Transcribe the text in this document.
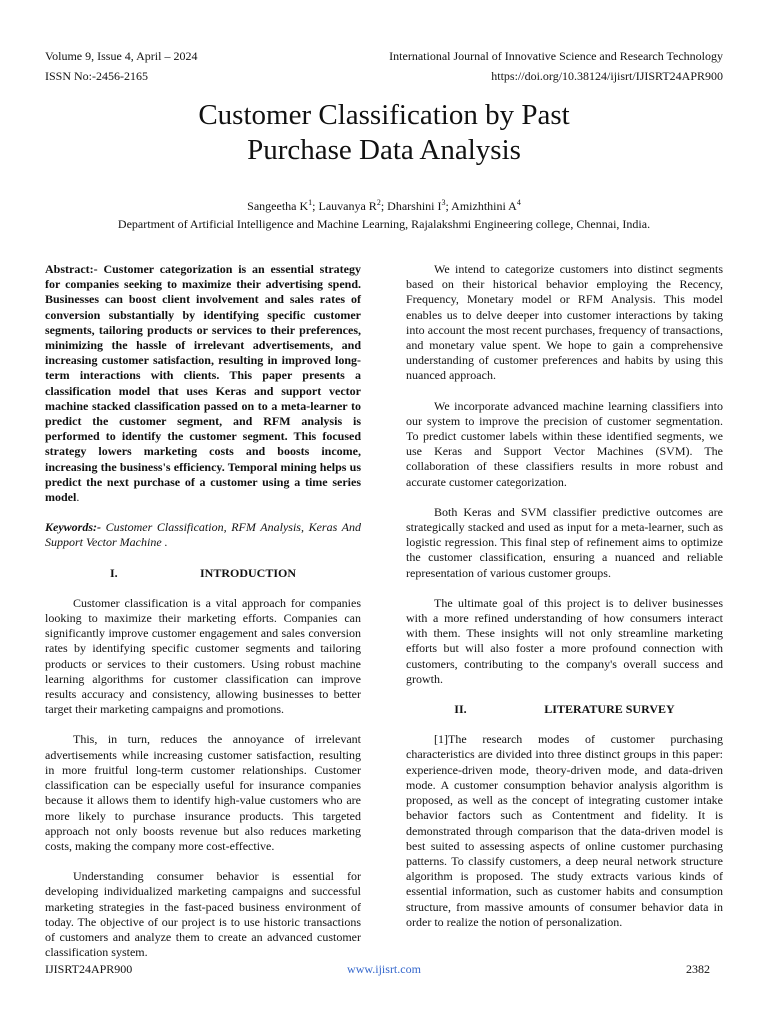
Volume 9, Issue 4, April – 2024
ISSN No:-2456-2165
International Journal of Innovative Science and Research Technology
https://doi.org/10.38124/ijisrt/IJISRT24APR900
Customer Classification by Past
Purchase Data Analysis
Sangeetha $K^1$; Lauvanya $R^2$; Dharshini $I^3$; Amizhthini $A^4$
Department of Artificial Intelligence and Machine Learning, Rajalakshmi Engineering college, Chennai, India.

Abstract:- Customer categorization is an essential strategy for companies seeking to maximize their advertising spend. Businesses can boost client involvement and sales rates of conversion substantially by identifying specific customer segments, tailoring products or services to their preferences, minimizing the hassle of irrelevant advertisements, and increasing customer satisfaction, resulting in improved long-term interactions with clients. This paper presents a classification model that uses Keras and support vector machine stacked classification passed on to a meta-learner to predict the customer segment, and RFM analysis is performed to identify the customer segment. This focused strategy lowers marketing costs and boosts income, increasing the business's efficiency. Temporal mining helps us predict the next purchase of a customer using a time series model.

Keywords:- Customer Classification, RFM Analysis, Keras And Support Vector Machine .

I.	INTRODUCTION

Customer classification is a vital approach for companies looking to maximize their marketing efforts. Companies can significantly improve customer engagement and sales conversion rates by identifying specific customer segments and tailoring products or services to their customers. Using robust machine learning algorithms for customer classification can improve results accuracy and consistency, allowing businesses to better target their marketing campaigns and promotions.

This, in turn, reduces the annoyance of irrelevant advertisements while increasing customer satisfaction, resulting in more fruitful long-term customer relationships. Customer classification can be especially useful for insurance companies because it allows them to identify high-value customers who are more likely to purchase insurance products. This targeted approach not only boosts revenue but also reduces marketing costs, making the company more cost-effective.

Understanding consumer behavior is essential for developing individualized marketing campaigns and successful marketing strategies in the fast-paced business environment of today. The objective of our project is to use historic transactions of customers and analyze them to create an advanced customer classification system.

We intend to categorize customers into distinct segments based on their historical behavior employing the Recency, Frequency, Monetary model or RFM Analysis. This model enables us to delve deeper into customer interactions by taking into account the most recent purchases, frequency of transactions, and monetary value spent. We hope to gain a comprehensive understanding of customer preferences and habits by using this nuanced approach.

We incorporate advanced machine learning classifiers into our system to improve the precision of customer segmentation. To predict customer labels within these identified segments, we use Keras and Support Vector Machines (SVM). The collaboration of these classifiers results in more robust and accurate customer categorization.

Both Keras and SVM classifier predictive outcomes are strategically stacked and used as input for a meta-learner, such as logistic regression. This final step of refinement aims to optimize the customer classification, ensuring a nuanced and reliable representation of various customer groups.

The ultimate goal of this project is to deliver businesses with a more refined understanding of how consumers interact with them. These insights will not only streamline marketing efforts but will also foster a more profound connection with customers, contributing to the company's overall success and growth.

II.	LITERATURE SURVEY

[1]The research modes of customer purchasing characteristics are divided into three distinct groups in this paper: experience-driven mode, theory-driven mode, and data-driven mode. A customer consumption behavior analysis algorithm is proposed, as well as the concept of integrating customer intake behavior factors such as Contentment and fidelity. It is demonstrated through comparison that the data-driven model is best suited to assessing aspects of online customer purchasing patterns. To classify customers, a deep neural network structure algorithm is proposed. The study extracts various kinds of essential information, such as customer habits and consumption structure, from massive amounts of consumer behavior data in order to realize the notion of personalization.

IJISRT24APR900	www.ijisrt.com	2382
